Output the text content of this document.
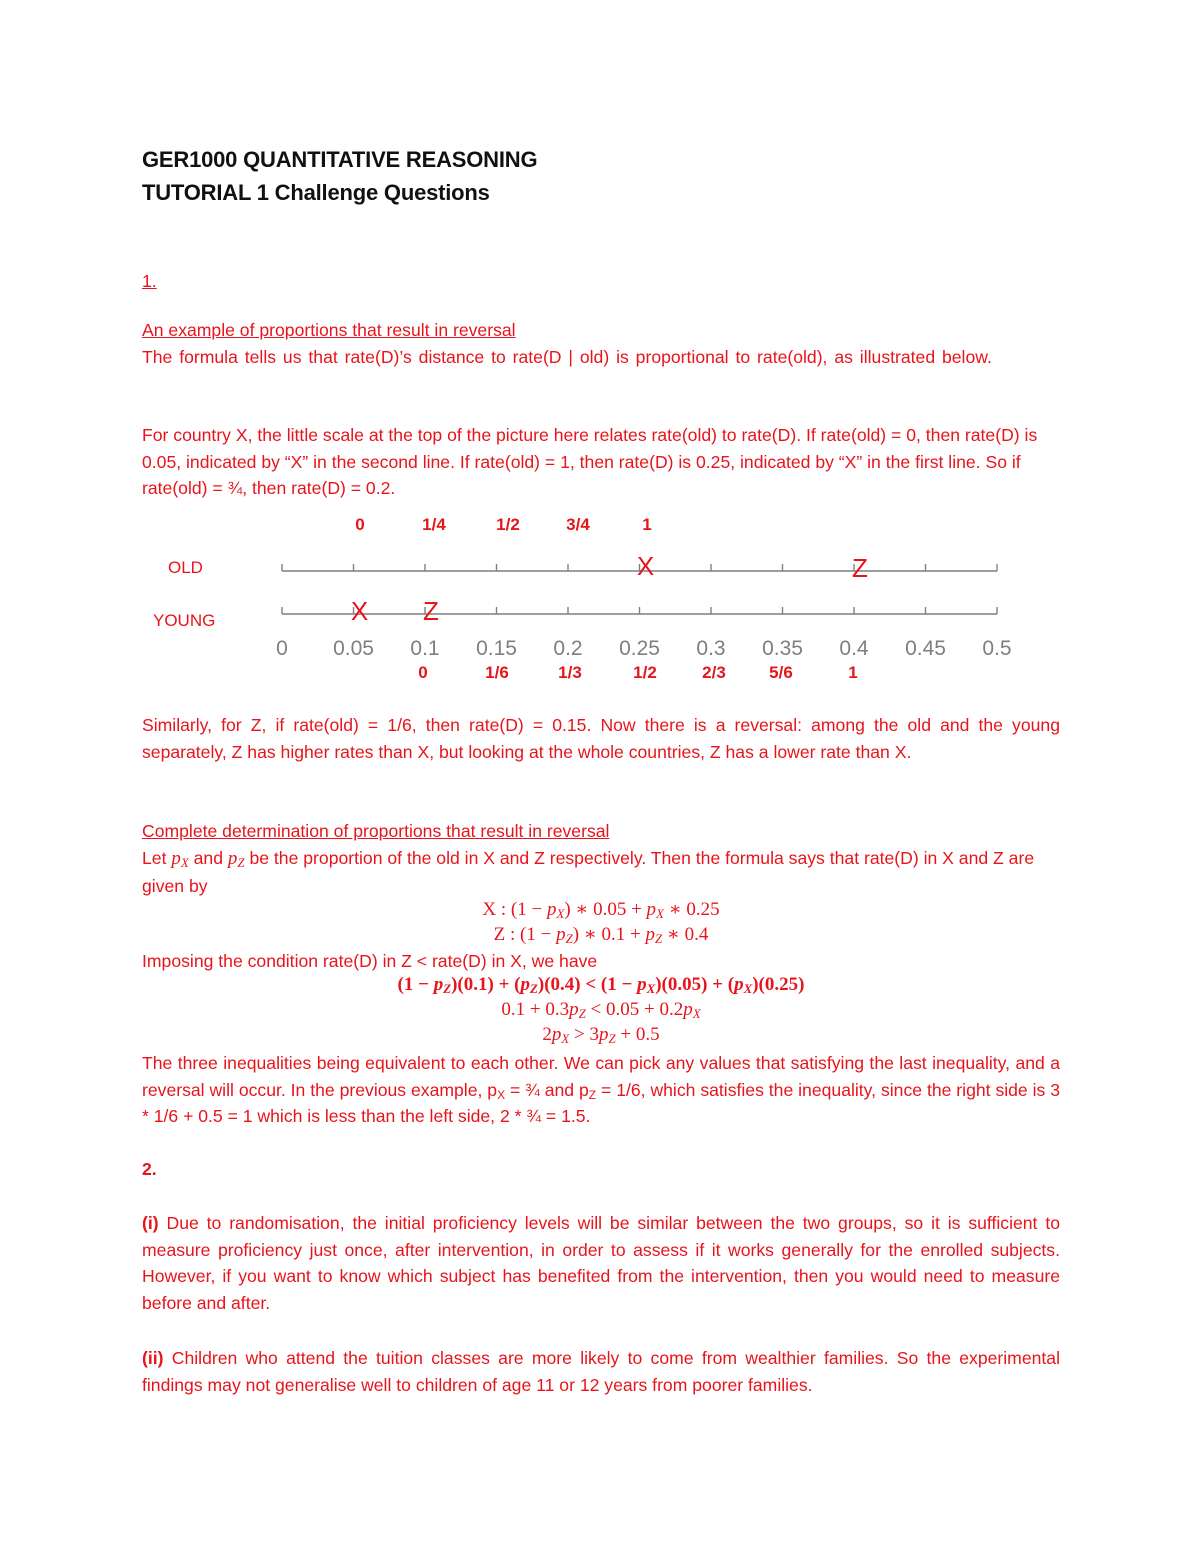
GER1000 QUANTITATIVE REASONING
TUTORIAL 1 Challenge Questions
1.
An example of proportions that result in reversal
The formula tells us that rate(D)’s distance to rate(D | old) is proportional to rate(old), as illustrated below.
For country X, the little scale at the top of the picture here relates rate(old) to rate(D). If rate(old) = 0, then rate(D) is 0.05, indicated by “X” in the second line. If rate(old) = 1, then rate(D) is 0.25, indicated by “X” in the first line. So if rate(old) = ¾, then rate(D) = 0.2.
0	1/4	1/2	3/4	1
OLD
YOUNG
0 0.05 0.1 0.15 0.2 0.25 0.3 0.35 0.4 0.45 0.5
0	1/6	1/3	1/2	2/3	5/6	1
X	Z
X Z
Similarly, for Z, if rate(old) = 1/6, then rate(D) = 0.15. Now there is a reversal: among the old and the young separately, Z has higher rates than X, but looking at the whole countries, Z has a lower rate than X.
Complete determination of proportions that result in reversal
Let $p_X$ and $p_Z$ be the proportion of the old in X and Z respectively. Then the formula says that rate(D) in X and Z are given by
X : $(1 - p_X)$ ∗ $0.05 + p_X$ ∗ 0.25
Z : $(1 - p_Z)$ ∗ $0.1 + p_Z$ ∗ 0.4
Imposing the condition rate(D) in Z < rate(D) in X, we have
$(1 - p_Z)(0.1) + (p_Z)(0.4) < (1 - p_X)(0.05) + (p_X)(0.25)$
$0.1 + 0.3p_Z < 0.05 + 0.2p_X$
$2p_X > 3p_Z + 0.5$
The three inequalities being equivalent to each other. We can pick any values that satisfying the last inequality, and a reversal will occur. In the previous example, $p_X$ = ¾ and $p_Z = 1/6$, which satisfies the inequality, since the right side is 3 * 1/6 + 0.5 = 1 which is less than the left side, 2 * ¾ = 1.5.
2.
(i) Due to randomisation, the initial proficiency levels will be similar between the two groups, so it is sufficient to measure proficiency just once, after intervention, in order to assess if it works generally for the enrolled subjects. However, if you want to know which subject has benefited from the intervention, then you would need to measure before and after.
(ii) Children who attend the tuition classes are more likely to come from wealthier families. So the experimental findings may not generalise well to children of age 11 or 12 years from poorer families.
